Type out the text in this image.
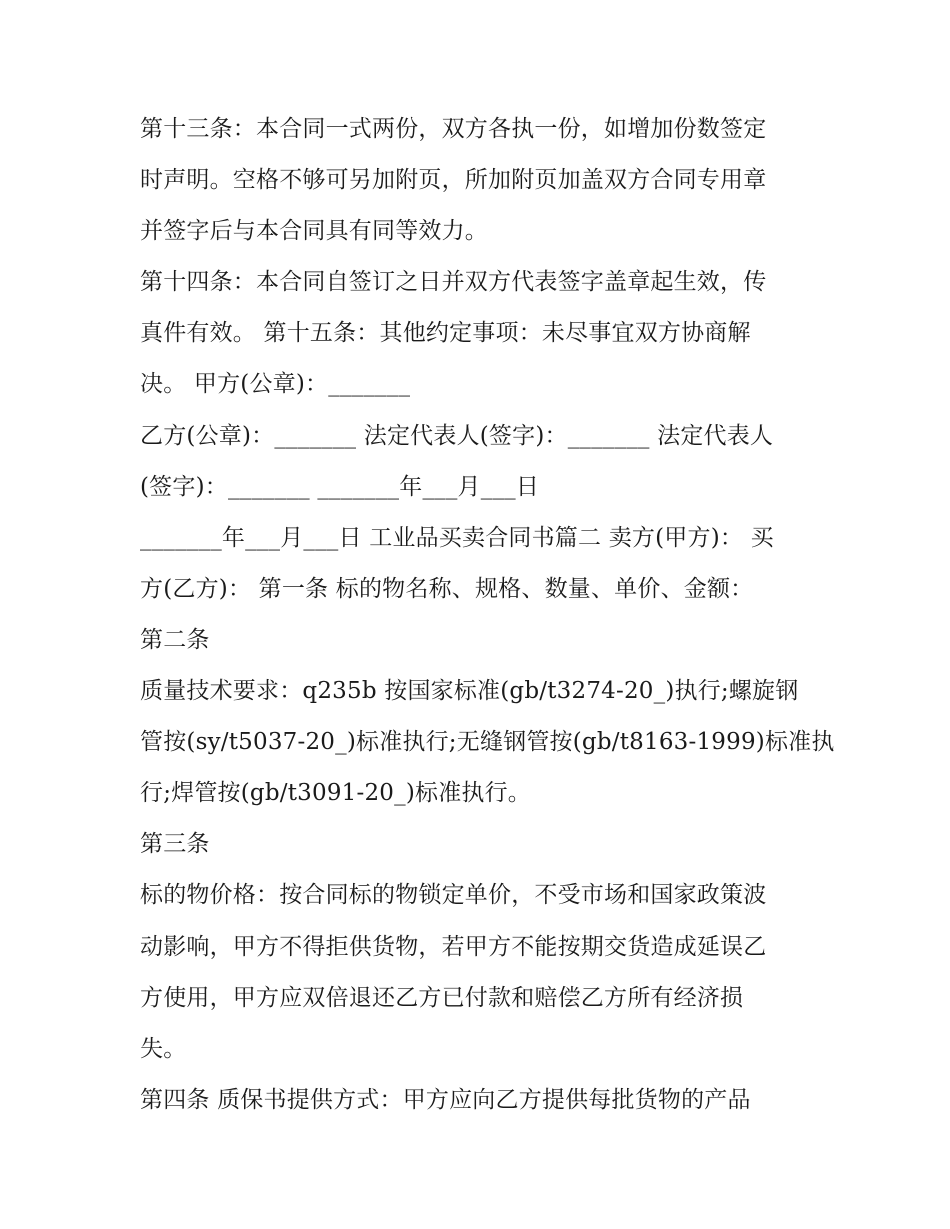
第十三条：本合同一式两份，双方各执一份，如增加份数签定
时声明。空格不够可另加附页，所加附页加盖双方合同专用章
并签字后与本合同具有同等效力。
第十四条：本合同自签订之日并双方代表签字盖章起生效，传
真件有效。 第十五条：其他约定事项：未尽事宜双方协商解
决。 甲方(公章)：_______
乙方(公章)：_______ 法定代表人(签字)：_______ 法定代表人
(签字)：_______ _______年___月___日
_______年___月___日 工业品买卖合同书篇二 卖方(甲方)： 买
方(乙方)： 第一条 标的物名称、规格、数量、单价、金额：
第二条
质量技术要求：q235b 按国家标准(gb/t3274-20_)执行;螺旋钢
管按(sy/t5037-20_)标准执行;无缝钢管按(gb/t8163-1999)标准执
行;焊管按(gb/t3091-20_)标准执行。
第三条
标的物价格：按合同标的物锁定单价，不受市场和国家政策波
动影响，甲方不得拒供货物，若甲方不能按期交货造成延误乙
方使用，甲方应双倍退还乙方已付款和赔偿乙方所有经济损
失。
第四条 质保书提供方式：甲方应向乙方提供每批货物的产品
